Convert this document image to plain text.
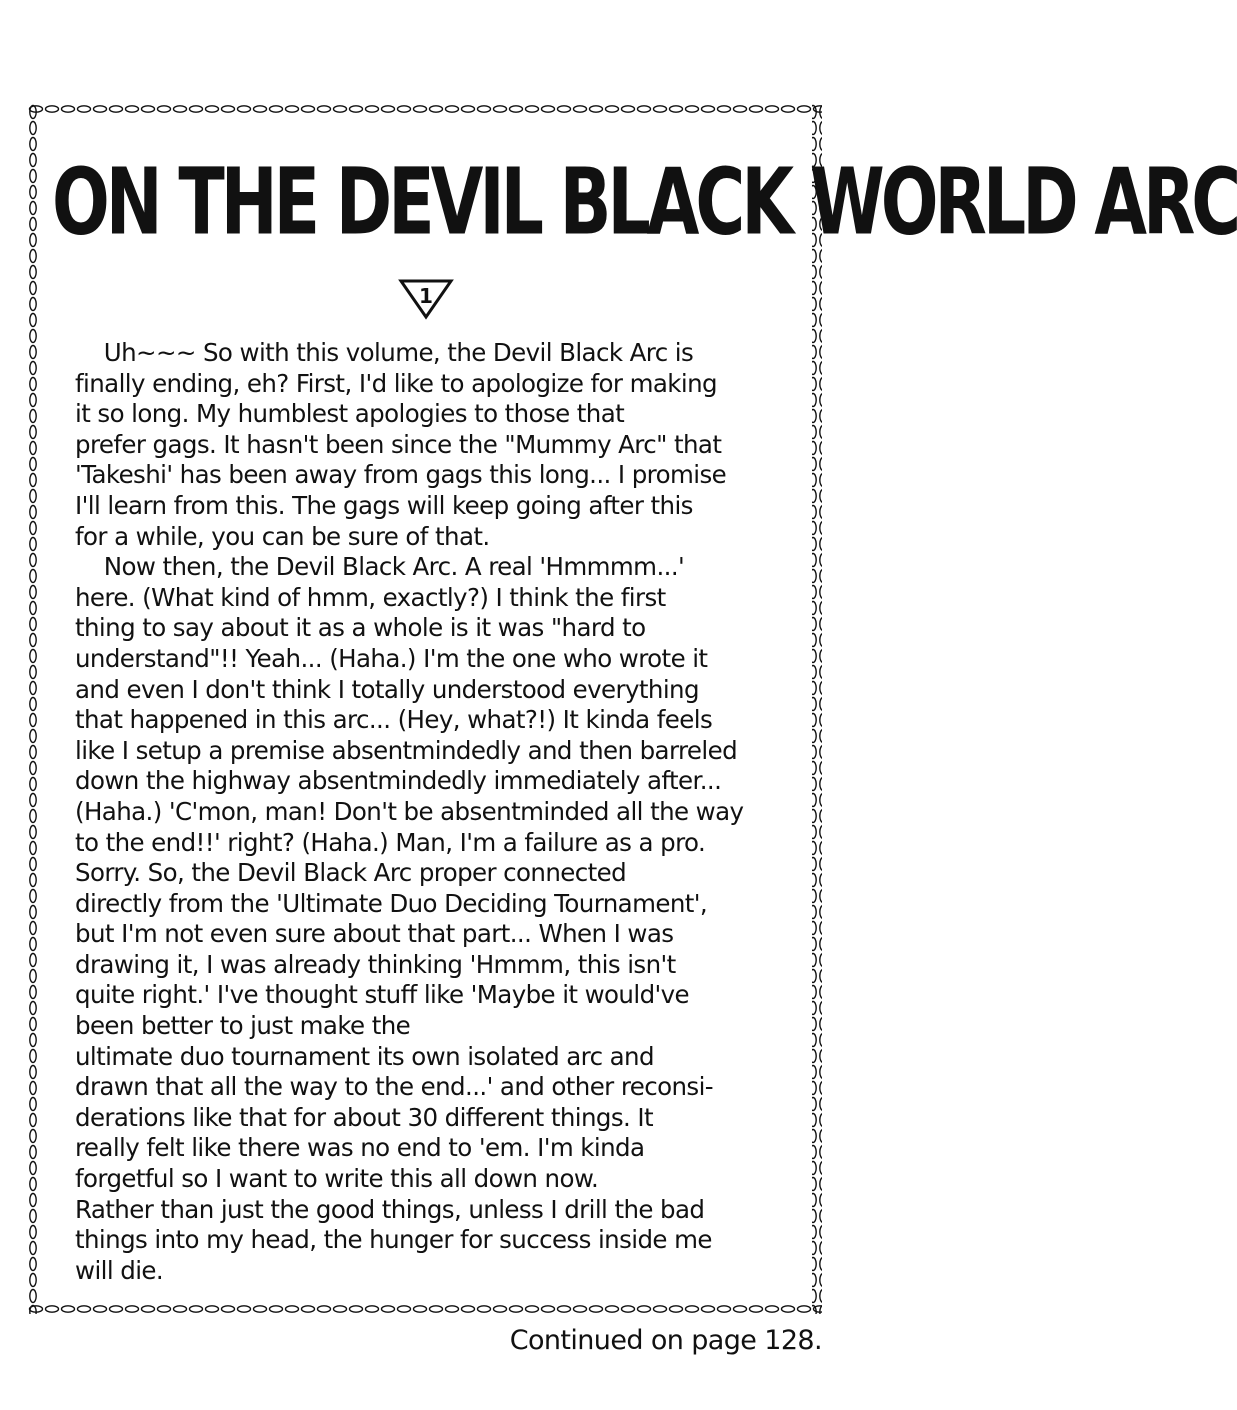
ON THE DEVIL BLACK WORLD ARC
1
Uh~~~ So with this volume, the Devil Black Arc is
finally ending, eh? First, I'd like to apologize for making
it so long. My humblest apologies to those that
prefer gags. It hasn't been since the "Mummy Arc" that
'Takeshi' has been away from gags this long... I promise
I'll learn from this. The gags will keep going after this
for a while, you can be sure of that.
Now then, the Devil Black Arc. A real 'Hmmmm...'
here. (What kind of hmm, exactly?) I think the first
thing to say about it as a whole is it was "hard to
understand"!! Yeah... (Haha.) I'm the one who wrote it
and even I don't think I totally understood everything
that happened in this arc... (Hey, what?!) It kinda feels
like I setup a premise absentmindedly and then barreled
down the highway absentmindedly immediately after...
(Haha.) 'C'mon, man! Don't be absentminded all the way
to the end!!' right? (Haha.) Man, I'm a failure as a pro.
Sorry. So, the Devil Black Arc proper connected
directly from the 'Ultimate Duo Deciding Tournament',
but I'm not even sure about that part... When I was
drawing it, I was already thinking 'Hmmm, this isn't
quite right.' I've thought stuff like 'Maybe it would've
been better to just make the
ultimate duo tournament its own isolated arc and
drawn that all the way to the end...' and other reconsi-
derations like that for about 30 different things. It
really felt like there was no end to 'em. I'm kinda
forgetful so I want to write this all down now.
Rather than just the good things, unless I drill the bad
things into my head, the hunger for success inside me
will die.

Continued on page 128.
